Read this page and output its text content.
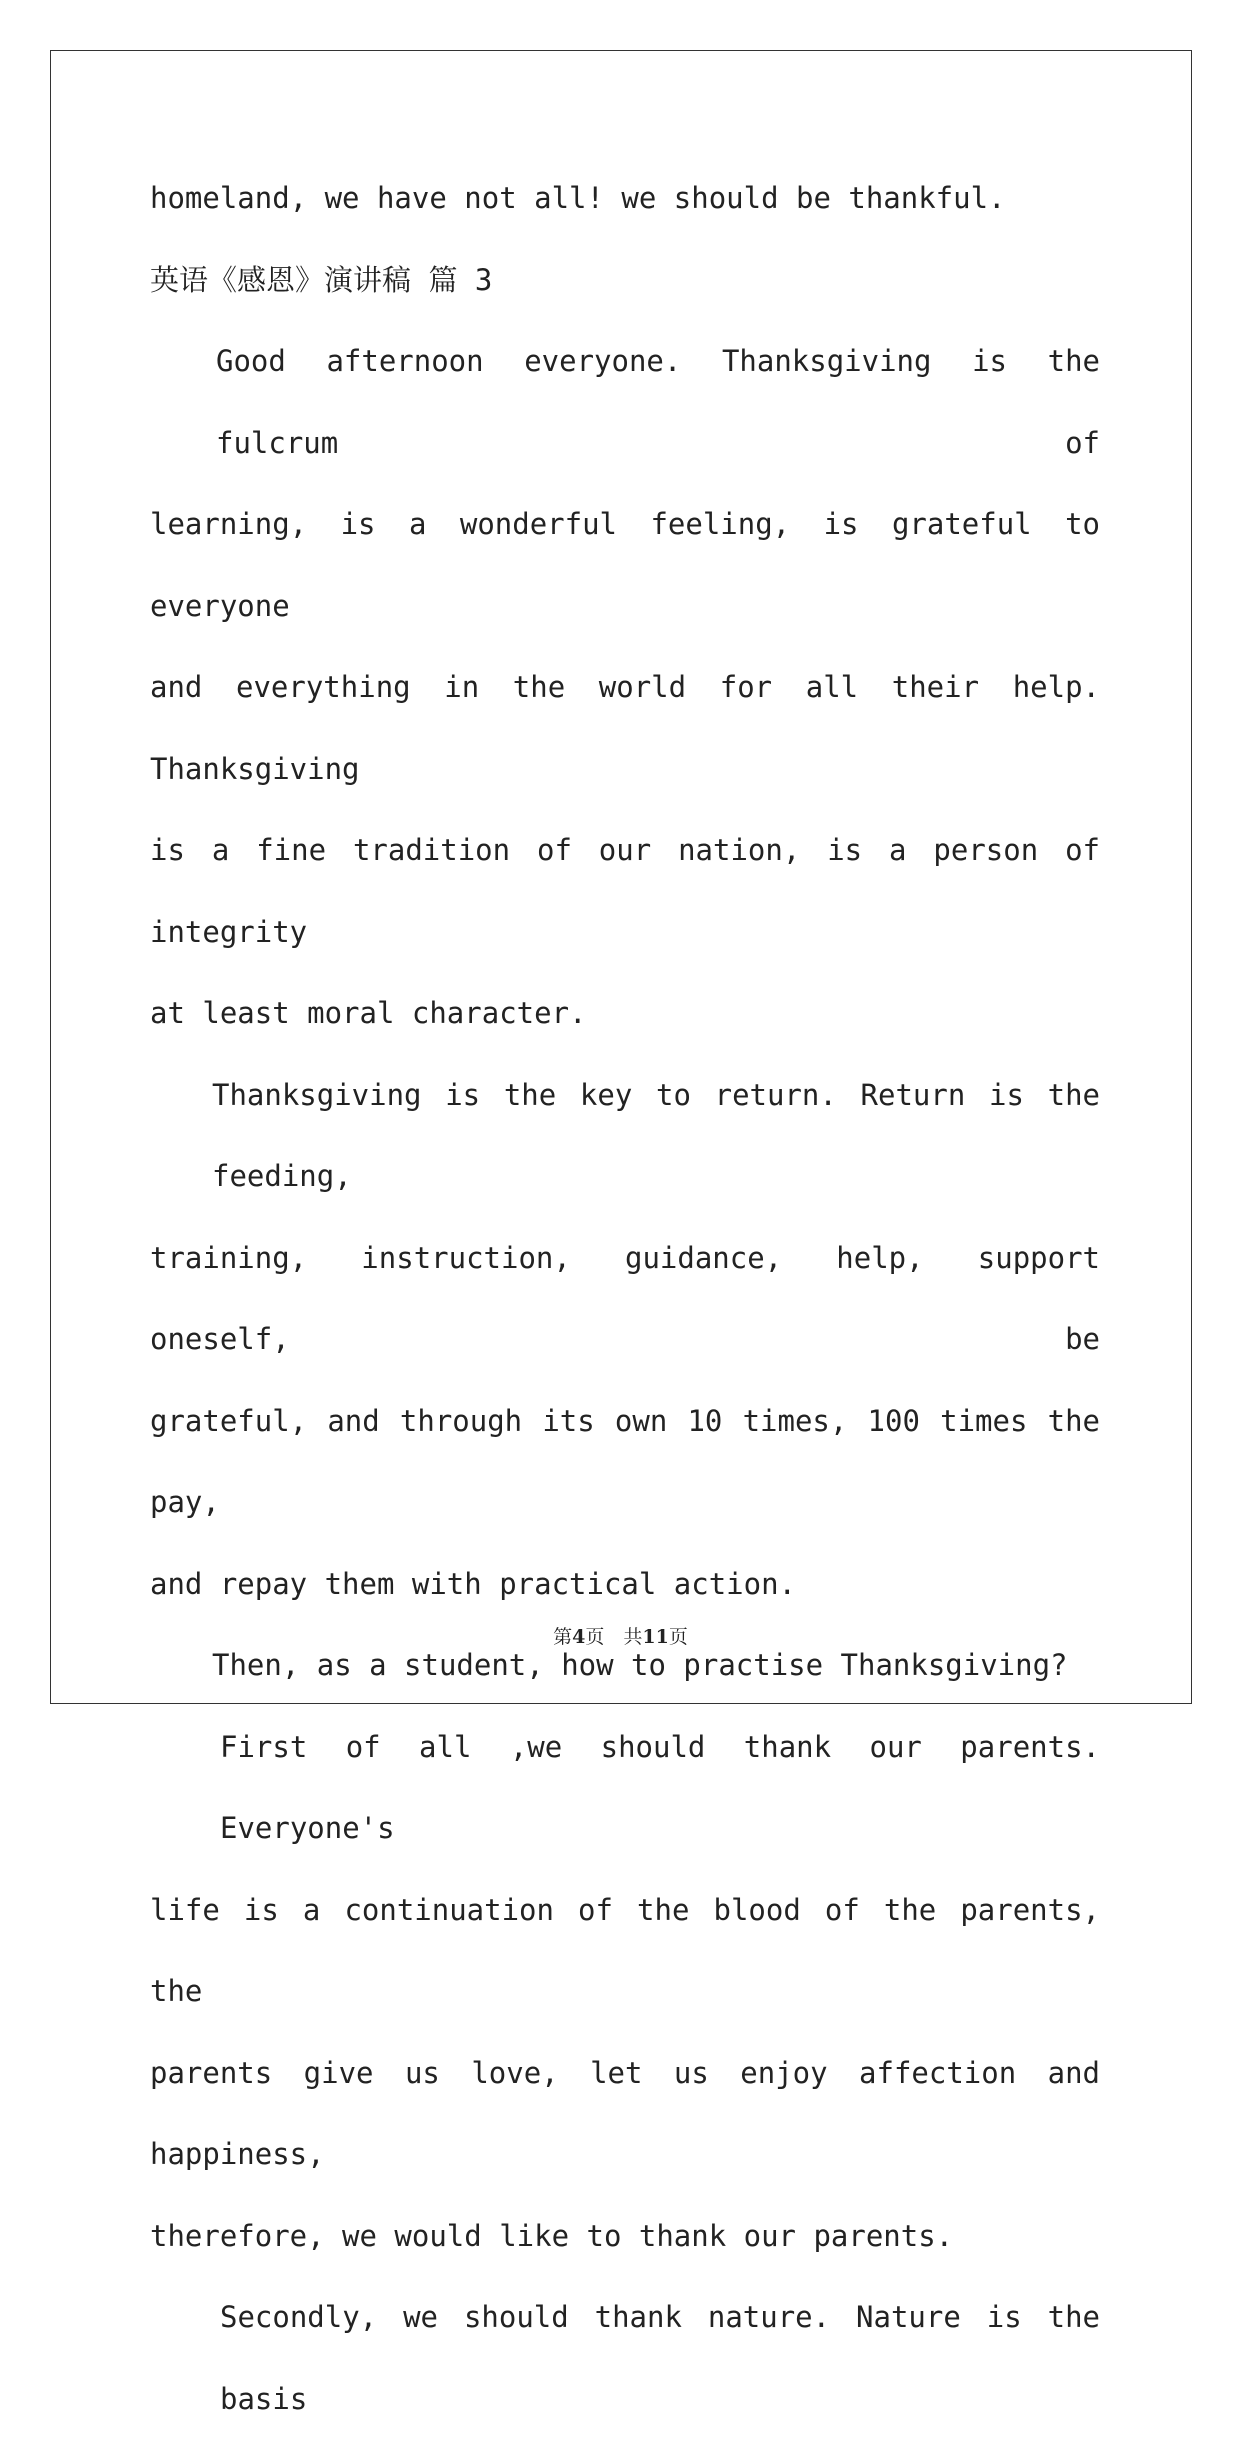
homeland, we have not all! we should be thankful.
英语《感恩》演讲稿 篇 3
Good afternoon everyone. Thanksgiving is the fulcrum of
learning, is a wonderful feeling, is grateful to everyone
and everything in the world for all their help. Thanksgiving
is a fine tradition of our nation, is a person of integrity
at least moral character.
Thanksgiving is the key to return. Return is the feeding,
training, instruction, guidance, help, support oneself, be
grateful, and through its own 10 times, 100 times the pay,
and repay them with practical action.
Then, as a student, how to practise Thanksgiving?
First of all ,we should thank our parents. Everyone's
life is a continuation of the blood of the parents, the
parents give us love, let us enjoy affection and happiness,
therefore, we would like to thank our parents.
Secondly, we should thank nature. Nature is the basis
第4页　共11页
